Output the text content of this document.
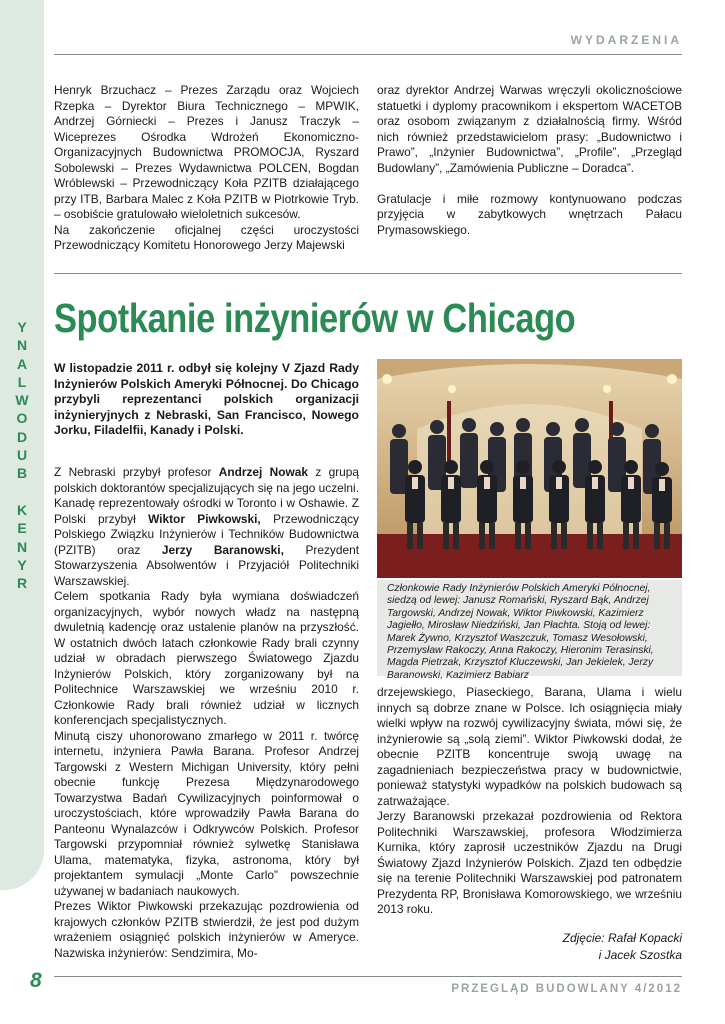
Y
N
A
L
W
O
D
U
B

K
E
N
Y
R
WYDARZENIA

Henryk Brzuchacz – Prezes Zarządu oraz Wojciech Rzepka – Dyrektor Biura Technicznego – MPWIK, Andrzej Górniecki – Prezes i Janusz Traczyk – Wiceprezes Ośrodka Wdrożeń Ekonomiczno-Organizacyjnych Budownictwa PROMOCJA, Ryszard Sobolewski – Prezes Wydawnictwa POLCEN, Bogdan Wróblewski – Przewodniczący Koła PZITB działającego przy ITB, Barbara Malec z Koła PZITB w Piotrkowie Tryb. – osobiście gratulowało wieloletnich sukcesów.

Na zakończenie oficjalnej części uroczystości Przewodniczący Komitetu Honorowego Jerzy Majewski

oraz dyrektor Andrzej Warwas wręczyli okolicznościowe statuetki i dyplomy pracownikom i ekspertom WACETOB oraz osobom związanym z działalnością firmy. Wśród nich również przedstawicielom prasy: „Budownictwo i Prawo”, „Inżynier Budownictwa”, „Profile”, „Przegląd Budowlany”, „Zamówienia Publiczne – Doradca”.

Gratulacje i miłe rozmowy kontynuowano podczas przyjęcia w zabytkowych wnętrzach Pałacu Prymasowskiego.

Spotkanie inżynierów w Chicago
W listopadzie 2011 r. odbył się kolejny V Zjazd Rady Inżynierów Polskich Ameryki Północnej. Do Chicago przybyli reprezentanci polskich organizacji inżynieryjnych z Nebraski, San Francisco, Nowego Jorku, Filadelfii, Kanady i Polski.

Z Nebraski przybył profesor Andrzej Nowak z grupą polskich doktorantów specjalizujących się na jego uczelni. Kanadę reprezentowały ośrodki w Toronto i w Oshawie. Z Polski przybył Wiktor Piwkowski, Przewodniczący Polskiego Związku Inżynierów i Techników Budownictwa (PZITB) oraz Jerzy Baranowski, Prezydent Stowarzyszenia Absolwentów i Przyjaciół Politechniki Warszawskiej.

Celem spotkania Rady była wymiana doświadczeń organizacyjnych, wybór nowych władz na następną dwuletnią kadencję oraz ustalenie planów na przyszłość. W ostatnich dwóch latach członkowie Rady brali czynny udział w obradach pierwszego Światowego Zjazdu Inżynierów Polskich, który zorganizowany był na Politechnice Warszawskiej we wrześniu 2010 r. Członkowie Rady brali również udział w licznych konferencjach specjalistycznych.

Minutą ciszy uhonorowano zmarłego w 2011 r. twórcę internetu, inżyniera Pawła Barana. Profesor Andrzej Targowski z Western Michigan University, który pełni obecnie funkcję Prezesa Międzynarodowego Towarzystwa Badań Cywilizacyjnych poinformował o uroczystościach, które wprowadziły Pawła Barana do Panteonu Wynalazców i Odkrywców Polskich. Profesor Targowski przypomniał również sylwetkę Stanisława Ulama, matematyka, fizyka, astronoma, który był projektantem symulacji „Monte Carlo” powszechnie używanej w badaniach naukowych.

Prezes Wiktor Piwkowski przekazując pozdrowienia od krajowych członków PZITB stwierdził, że jest pod dużym wrażeniem osiągnięć polskich inżynierów w Ameryce. Nazwiska inżynierów: Sendzimira, Mo-

Członkowie Rady Inżynierów Polskich Ameryki Północnej, siedzą od lewej: Janusz Romański, Ryszard Bąk, Andrzej Targowski, Andrzej Nowak, Wiktor Piwkowski, Kazimierz Jagiełło, Mirosław Niedziński, Jan Płachta. Stoją od lewej: Marek Żywno, Krzysztof Waszczuk, Tomasz Wesołowski, Przemysław Rakoczy, Anna Rakoczy, Hieronim Terasinski, Magda Pietrzak, Krzysztof Kluczewski, Jan Jekielek, Jerzy Baranowski, Kazimierz Babiarz

drzejewskiego, Piaseckiego, Barana, Ulama i wielu innych są dobrze znane w Polsce. Ich osiągnięcia miały wielki wpływ na rozwój cywilizacyjny świata, mówi się, że inżynierowie są „solą ziemi”. Wiktor Piwkowski dodał, że obecnie PZITB koncentruje swoją uwagę na zagadnieniach bezpieczeństwa pracy w budownictwie, ponieważ statystyki wypadków na polskich budowach są zatrważające.

Jerzy Baranowski przekazał pozdrowienia od Rektora Politechniki Warszawskiej, profesora Włodzimierza Kurnika, który zaprosił uczestników Zjazdu na Drugi Światowy Zjazd Inżynierów Polskich. Zjazd ten odbędzie się na terenie Politechniki Warszawskiej pod patronatem Prezydenta RP, Bronisława Komorowskiego, we wrześniu 2013 roku.

Zdjęcie: Rafał Kopacki
i Jacek Szostka
8	PRZEGLĄD BUDOWLANY 4/2012
